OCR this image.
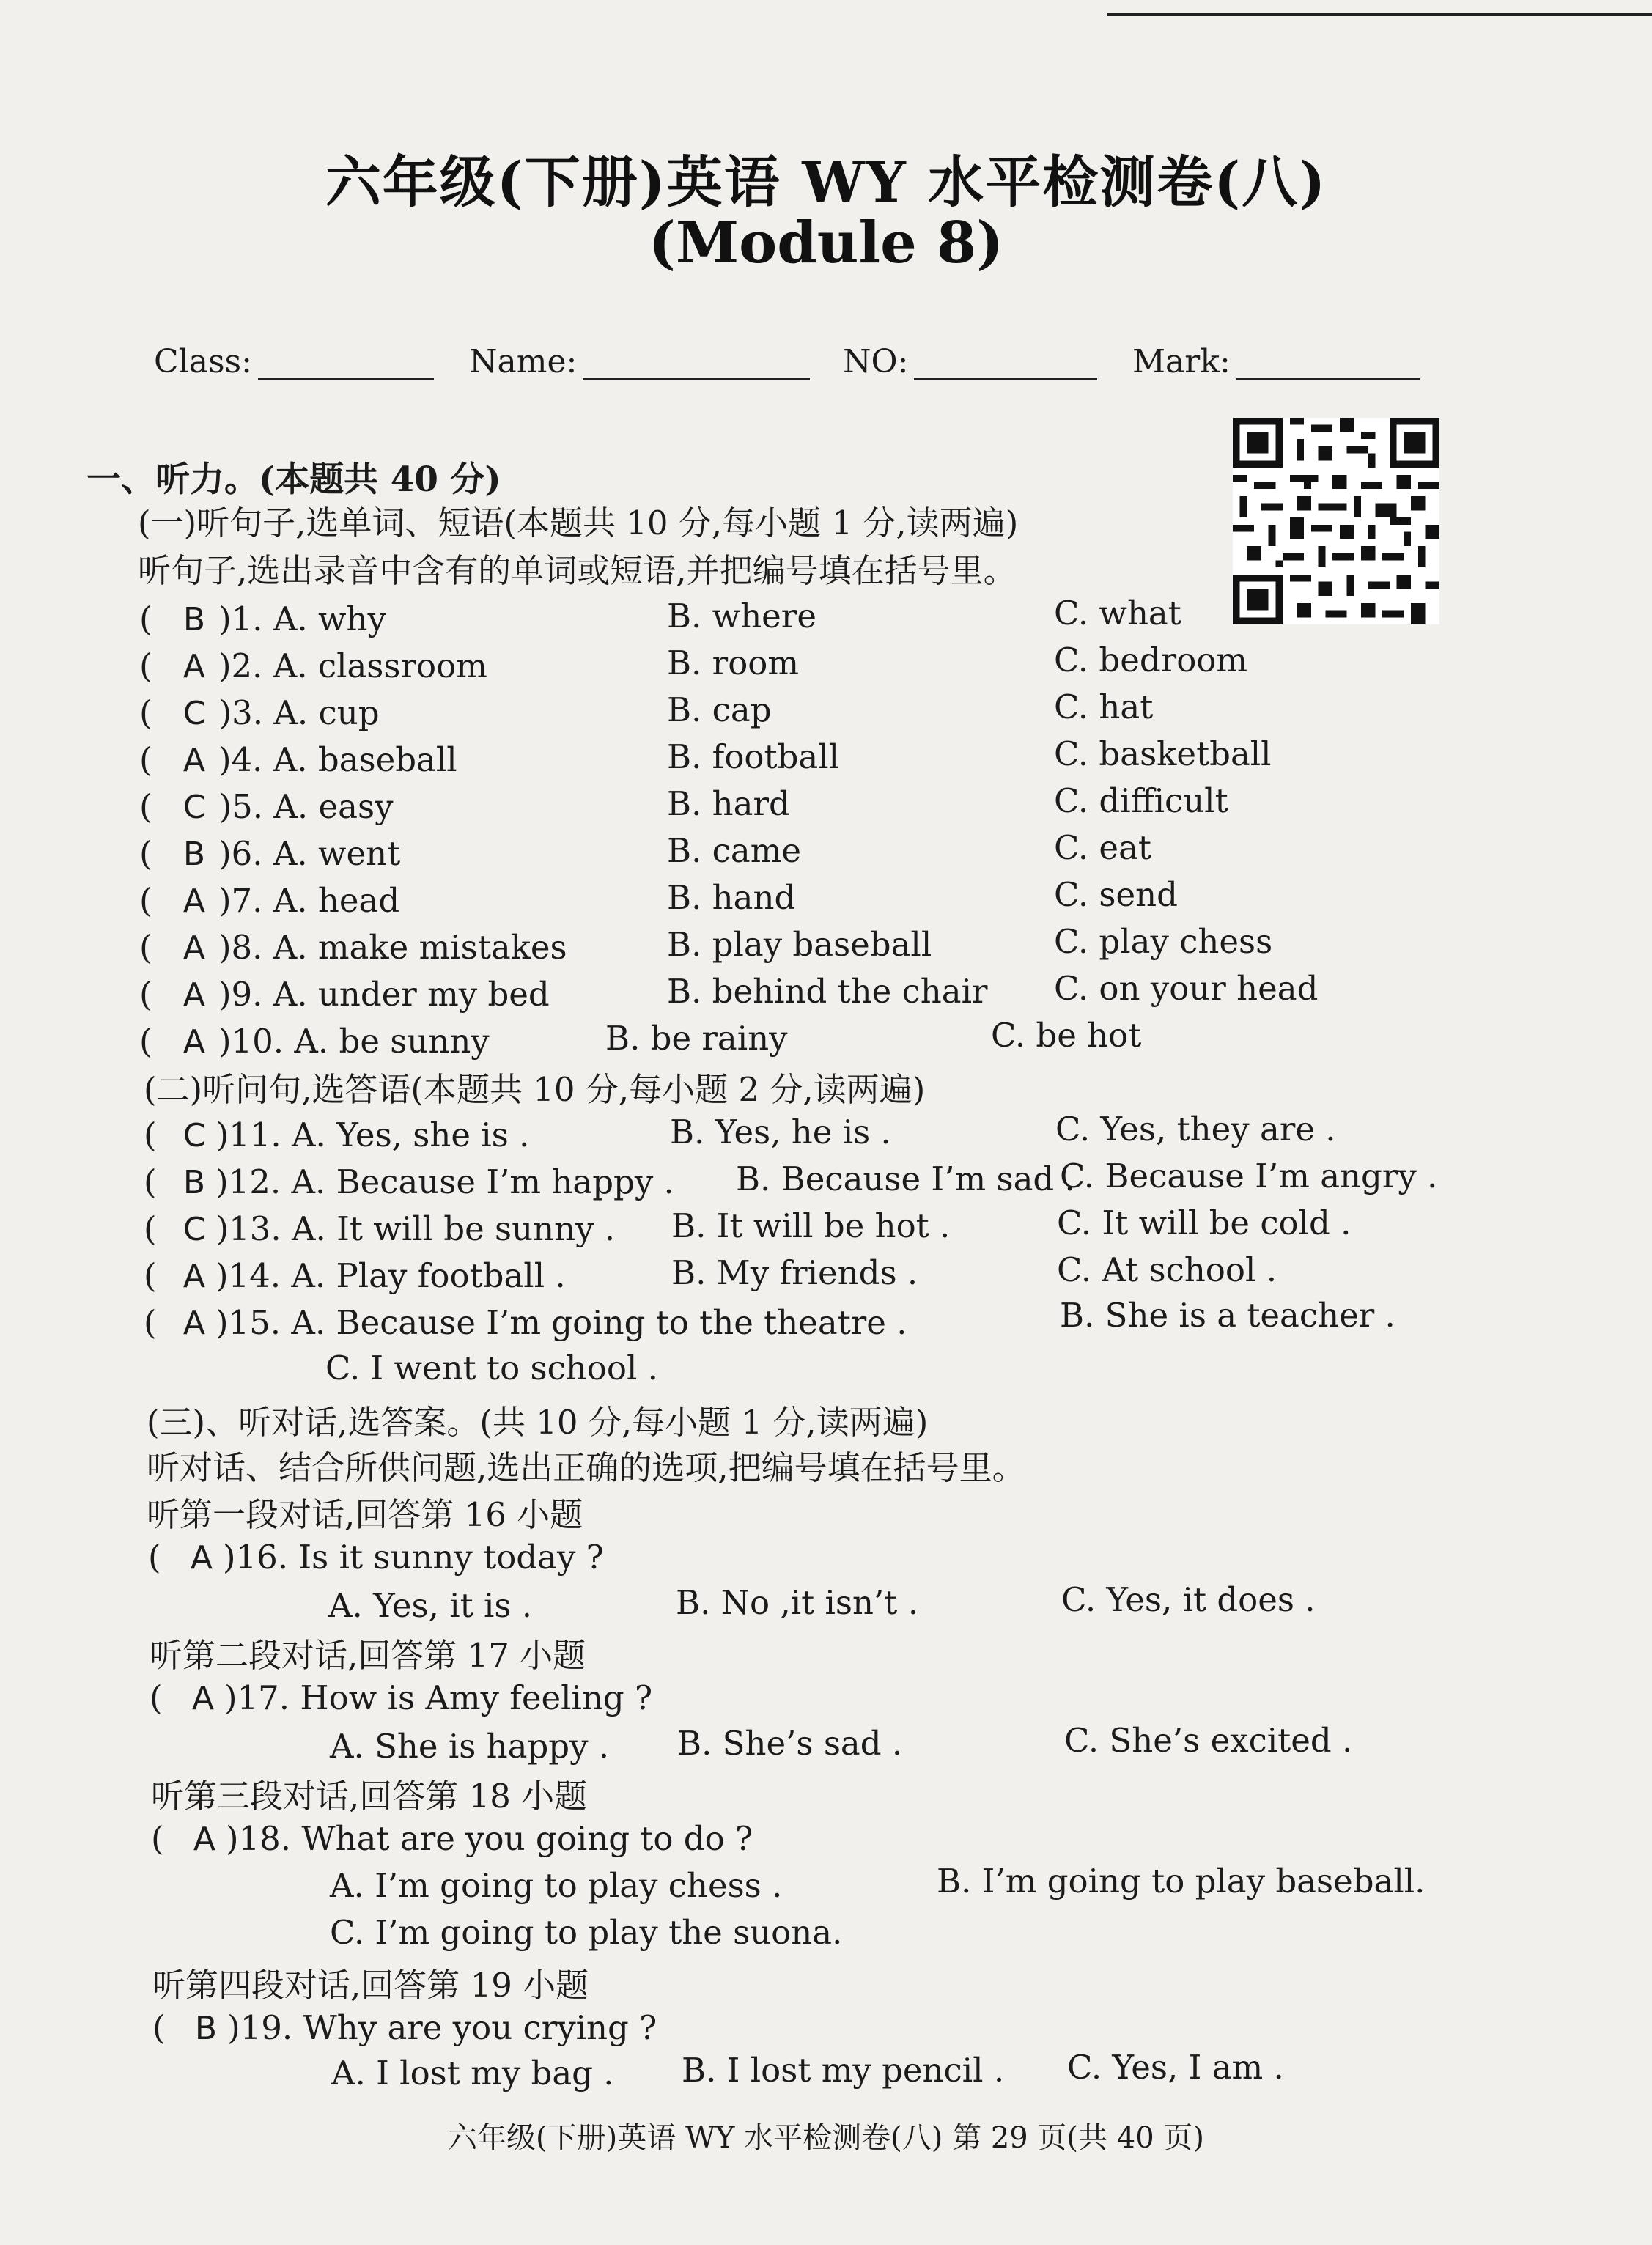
六年级(下册)英语 WY 水平检测卷(八)
(Module 8)
Class:	Name:	NO:	Mark:
一、听力。(本题共 40 分)
(一)听句子,选单词、短语(本题共 10 分,每小题 1 分,读两遍)
听句子,选出录音中含有的单词或短语,并把编号填在括号里。
( B )1. A. why	B. where	C. what
( A )2. A. classroom	B. room	C. bedroom
( C )3. A. cup	B. cap	C. hat
( A )4. A. baseball	B. football	C. basketball
( C )5. A. easy	B. hard	C. difficult
( B )6. A. went	B. came	C. eat
( A )7. A. head	B. hand	C. send
( A )8. A. make mistakes	B. play baseball	C. play chess
( A )9. A. under my bed	B. behind the chair C. on your head
( A )10. A. be sunny	B. be rainy	C. be hot
(二)听问句,选答语(本题共 10 分,每小题 2 分,读两遍)
( C )11. A. Yes, she is .	B. Yes, he is .	C. Yes, they are .
( B )12. A. Because I’m happy . B. Because I’m sad .
C. Because I’m angry .
( C )13. A. It will be sunny . B. It will be hot .	C. It will be cold .
( A )14. A. Play football .	B. My friends .	C. At school .
( A )15. A. Because I’m going to the theatre .	B. She is a teacher .
C. I went to school .
(三)、听对话,选答案。(共 10 分,每小题 1 分,读两遍)
听对话、结合所供问题,选出正确的选项,把编号填在括号里。
听第一段对话,回答第 16 小题
( A )16. Is it sunny today ?
A. Yes, it is .	B. No ,it isn’t .	C. Yes, it does .
听第二段对话,回答第 17 小题
( A )17. How is Amy feeling ?
A. She is happy . B. She’s sad .	C. She’s excited .
听第三段对话,回答第 18 小题
( A )18. What are you going to do ?
A. I’m going to play chess .	B. I’m going to play baseball.
C. I’m going to play the suona.
听第四段对话,回答第 19 小题
( B )19. Why are you crying ?
A. I lost my bag . B. I lost my pencil . C. Yes, I am .
六年级(下册)英语 WY 水平检测卷(八) 第 29 页(共 40 页)
